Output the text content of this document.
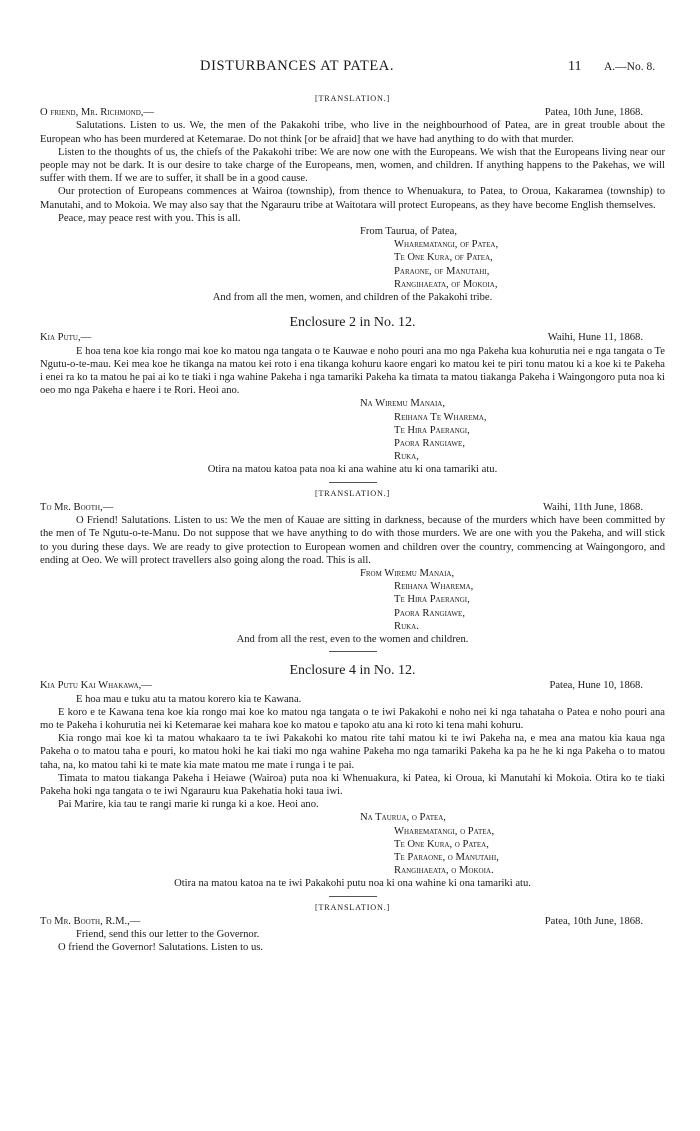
DISTURBANCES AT PATEA.	11 A.—No. 8.
[TRANSLATION.]
O friend, Mr. Richmond,—	Patea, 10th June, 1868.

Salutations. Listen to us. We, the men of the Pakakohi tribe, who live in the neighbourhood of Patea, are in great trouble about the European who has been murdered at Ketemarae. Do not think [or be afraid] that we have had anything to do with that murder.

Listen to the thoughts of us, the chiefs of the Pakakohi tribe: We are now one with the Europeans. We wish that the Europeans living near our people may not be dark. It is our desire to take charge of the Europeans, men, women, and children. If anything happens to the Pakehas, we will suffer with them. If we are to suffer, it shall be in a good cause.

Our protection of Europeans commences at Wairoa (township), from thence to Whenuakura, to Patea, to Oroua, Kakaramea (township) to Manutahi, and to Mokoia. We may also say that the Ngarauru tribe at Waitotara will protect Europeans, as they have become English themselves.

Peace, may peace rest with you. This is all.

From Taurua, of Patea,
Wharematangi, of Patea,
Te One Kura, of Patea,
Paraone, of Manutahi,
Rangihaeata, of Mokoia,
And from all the men, women, and children of the Pakakohi tribe.
Enclosure 2 in No. 12.
Kia Putu,—	Waihi, Hune 11, 1868.

E hoa tena koe kia rongo mai koe ko matou nga tangata o te Kauwae e noho pouri ana mo nga Pakeha kua kohurutia nei e nga tangata o Te Ngutu-o-te-mau. Kei mea koe he tikanga na matou kei roto i ena tikanga kohuru kaore engari ko matou kei te piri tonu matou ki a koe ki te Pakeha i enei ra ko ta matou he pai ai ko te tiaki i nga wahine Pakeha i nga tamariki Pakeha ka timata ta matou tiakanga Pakeha i Waingongoro puta noa ki oeo mo nga Pakeha e haere i te Rori. Heoi ano.

Na Wiremu Manaia,
Reihana Te Wharema,
Te Hira Paerangi,
Paora Rangiawe,
Ruka,
Otira na matou katoa pata noa ki ana wahine atu ki ona tamariki atu.
[TRANSLATION.]
To Mr. Booth,—	Waihi, 11th June, 1868.

O Friend! Salutations. Listen to us: We the men of Kauae are sitting in darkness, because of the murders which have been committed by the men of Te Ngutu-o-te-Manu. Do not suppose that we have anything to do with those murders. We are one with you the Pakeha, and will stick to you during these days. We are ready to give protection to European women and children over the country, commencing at Waingongoro, and ending at Oeo. We will protect travellers also going along the road. This is all.

From Wiremu Manaia,
Reihana Wharema,
Te Hira Paerangi,
Paora Rangiawe,
Ruka.
And from all the rest, even to the women and children.
Enclosure 4 in No. 12.
Kia Putu Kai Whakawa,—	Patea, Hune 10, 1868.

E hoa mau e tuku atu ta matou korero kia te Kawana.

E koro e te Kawana tena koe kia rongo mai koe ko matou nga tangata o te iwi Pakakohi e noho nei ki nga tahataha o Patea e noho pouri ana mo te Pakeha i kohurutia nei ki Ketemarae kei mahara koe ko matou e tapoko atu ana ki roto ki tena mahi kohuru.

Kia rongo mai koe ki ta matou whakaaro ta te iwi Pakakohi ko matou rite tahi matou ki te iwi Pakeha na, e mea ana matou kia kaua nga Pakeha o to matou taha e pouri, ko matou hoki he kai tiaki mo nga wahine Pakeha mo nga tamariki Pakeha ka pa he he ki nga Pakeha o to matou taha, na, ko matou tahi ki te mate kia mate matou me mate i runga i te pai.

Timata to matou tiakanga Pakeha i Heiawe (Wairoa) puta noa ki Whenuakura, ki Patea, ki Oroua, ki Manutahi ki Mokoia. Otira ko te tiaki Pakeha hoki nga tangata o te iwi Ngarauru kua Pakehatia hoki taua iwi.

Pai Marire, kia tau te rangi marie ki runga ki a koe. Heoi ano.

Na Taurua, o Patea,
Wharematangi, o Patea,
Te One Kura, o Patea,
Te Paraone, o Manutahi,
Rangihaeata, o Mokoia.
Otira na matou katoa na te iwi Pakakohi putu noa ki ona wahine ki ona tamariki atu.
[TRANSLATION.]
To Mr. Booth, R.M.,—	Patea, 10th June, 1868.

Friend, send this our letter to the Governor.

O friend the Governor! Salutations. Listen to us.
